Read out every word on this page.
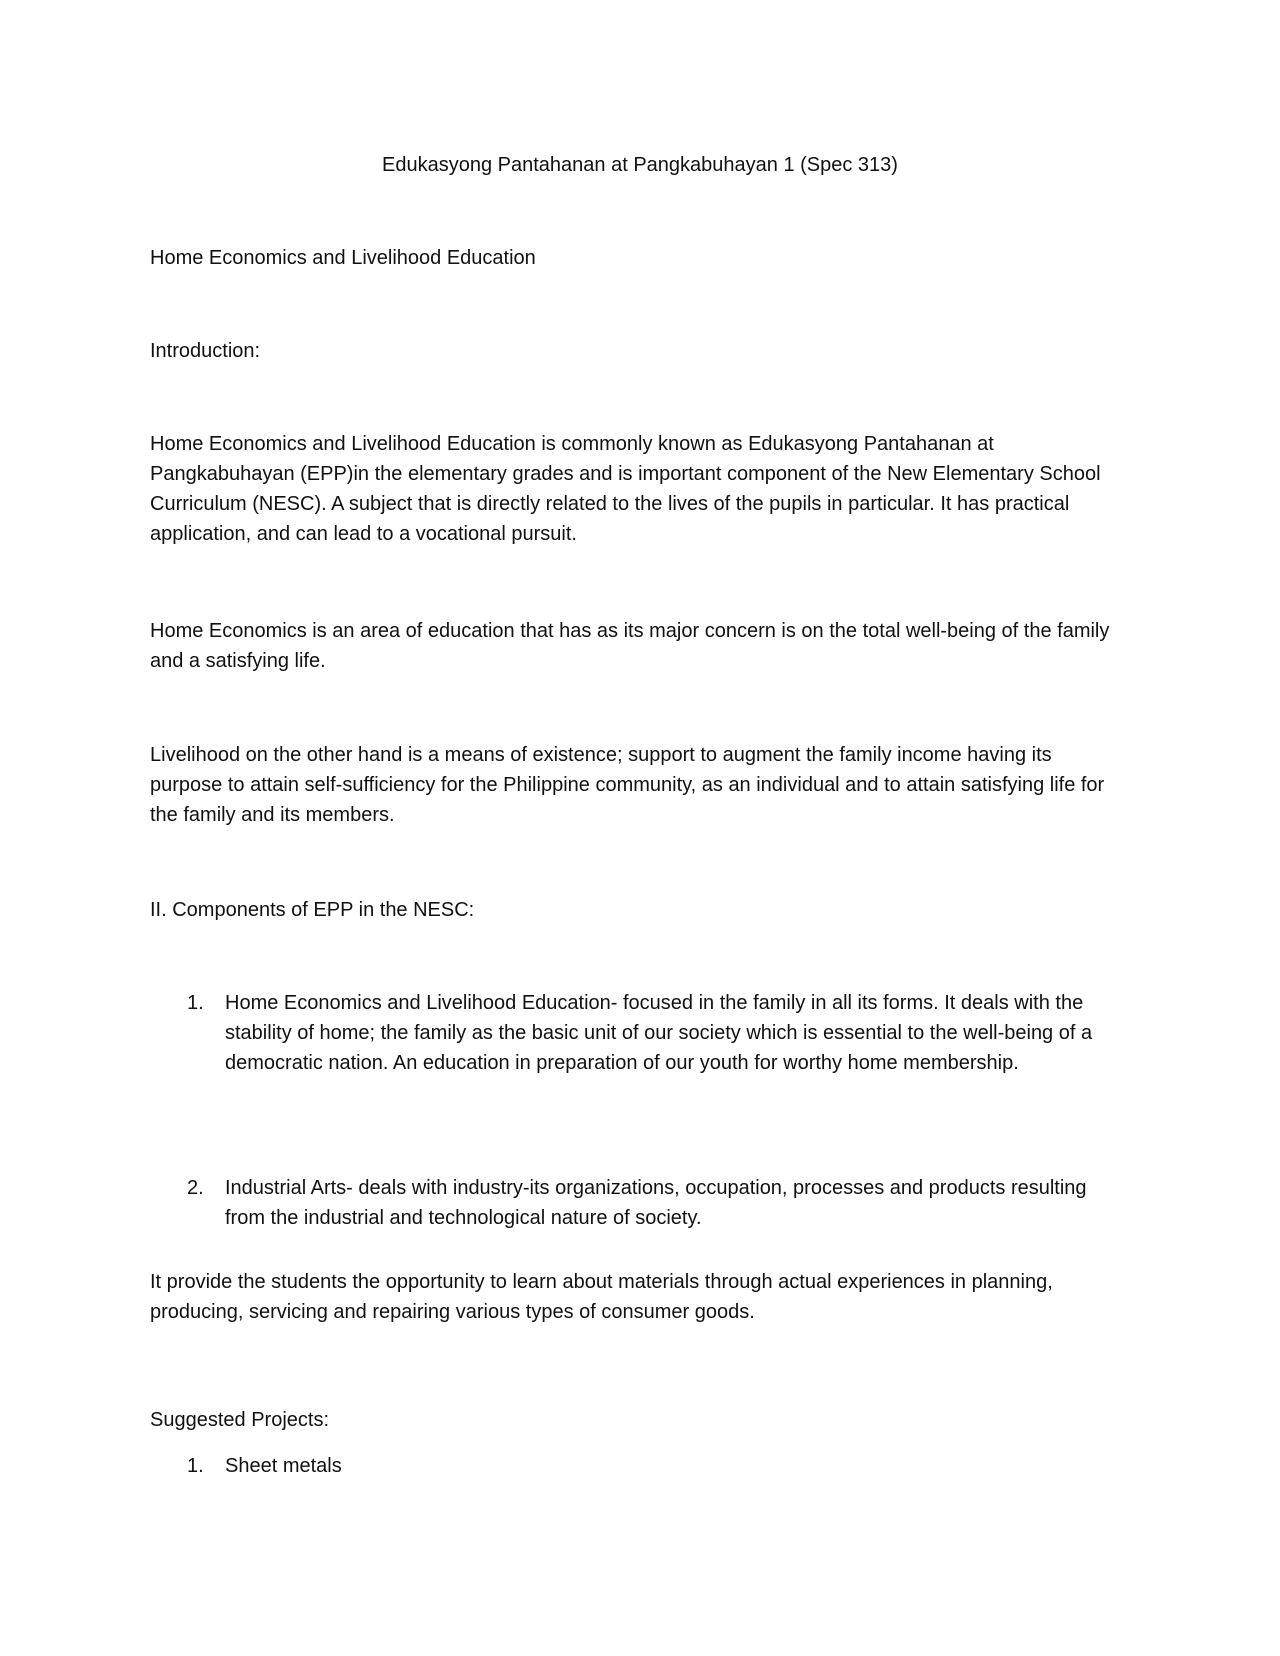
Edukasyong Pantahanan at Pangkabuhayan 1 (Spec 313)

Home Economics and Livelihood Education

Introduction:

Home Economics and Livelihood Education is commonly known as Edukasyong Pantahanan at Pangkabuhayan (EPP)in the elementary grades and is important component of the New Elementary School Curriculum (NESC). A subject that is directly related to the lives of the pupils in particular. It has practical application, and can lead to a vocational pursuit.

Home Economics is an area of education that has as its major concern is on the total well-being of the family and a satisfying life.

Livelihood on the other hand is a means of existence; support to augment the family income having its purpose to attain self-sufficiency for the Philippine community, as an individual and to attain satisfying life for the family and its members.

II. Components of EPP in the NESC:

1. Home Economics and Livelihood Education- focused in the family in all its forms. It deals with the stability of home; the family as the basic unit of our society which is essential to the well-being of a democratic nation. An education in preparation of our youth for worthy home membership.
2. Industrial Arts- deals with industry-its organizations, occupation, processes and products resulting from the industrial and technological nature of society.

It provide the students the opportunity to learn about materials through actual experiences in planning, producing, servicing and repairing various types of consumer goods.

Suggested Projects:

1. Sheet metals
